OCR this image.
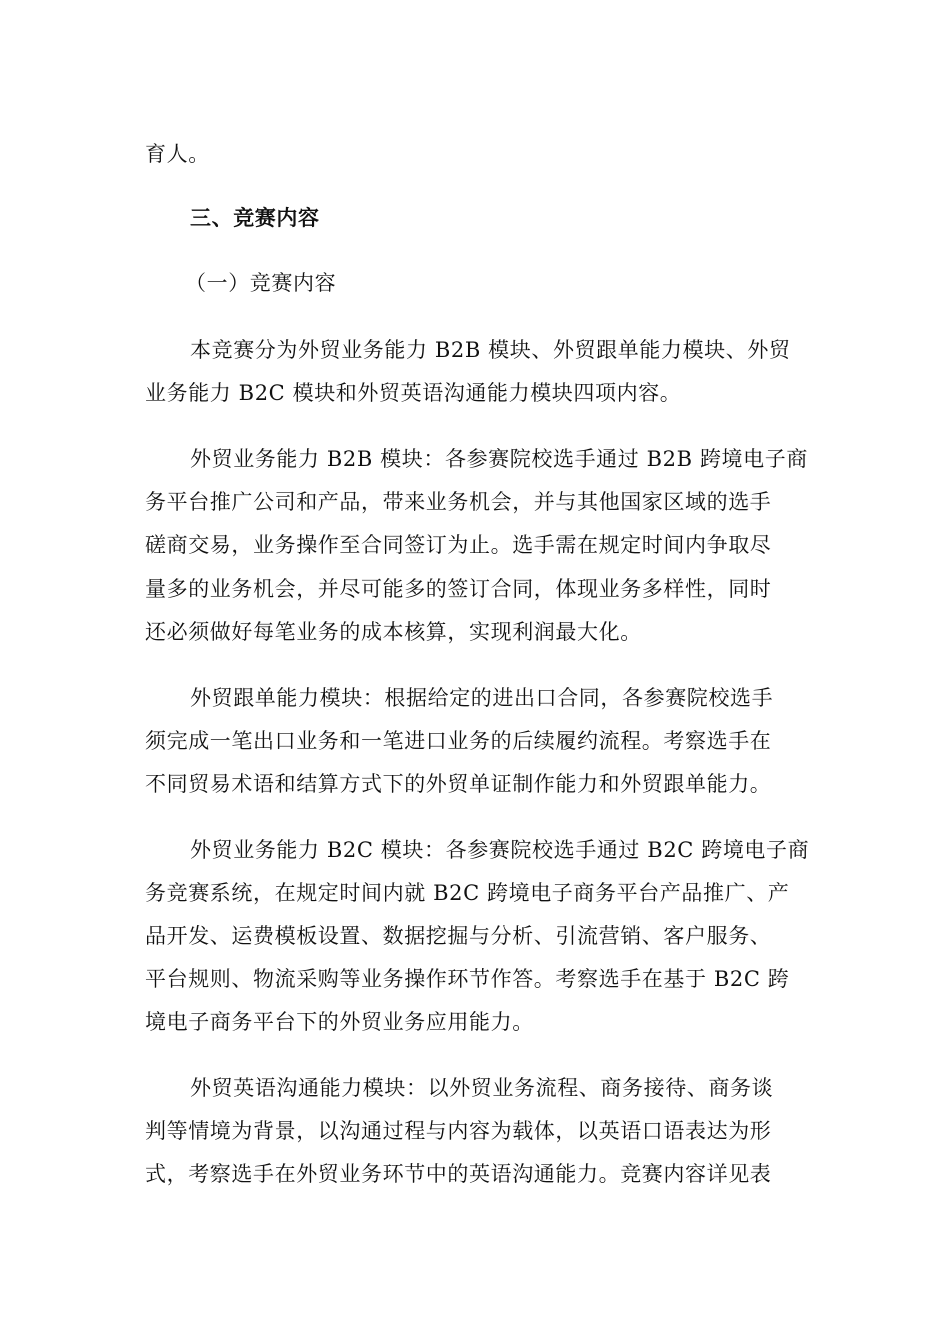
育人。
三、竞赛内容
（一）竞赛内容
本竞赛分为外贸业务能力 B2B 模块、外贸跟单能力模块、外贸
业务能力 B2C 模块和外贸英语沟通能力模块四项内容。
外贸业务能力 B2B 模块：各参赛院校选手通过 B2B 跨境电子商
务平台推广公司和产品，带来业务机会，并与其他国家区域的选手
磋商交易，业务操作至合同签订为止。选手需在规定时间内争取尽
量多的业务机会，并尽可能多的签订合同，体现业务多样性，同时
还必须做好每笔业务的成本核算，实现利润最大化。
外贸跟单能力模块：根据给定的进出口合同，各参赛院校选手
须完成一笔出口业务和一笔进口业务的后续履约流程。考察选手在
不同贸易术语和结算方式下的外贸单证制作能力和外贸跟单能力。
外贸业务能力 B2C 模块：各参赛院校选手通过 B2C 跨境电子商
务竞赛系统，在规定时间内就 B2C 跨境电子商务平台产品推广、产
品开发、运费模板设置、数据挖掘与分析、引流营销、客户服务、
平台规则、物流采购等业务操作环节作答。考察选手在基于 B2C 跨
境电子商务平台下的外贸业务应用能力。
外贸英语沟通能力模块：以外贸业务流程、商务接待、商务谈
判等情境为背景，以沟通过程与内容为载体，以英语口语表达为形
式，考察选手在外贸业务环节中的英语沟通能力。竞赛内容详见表
